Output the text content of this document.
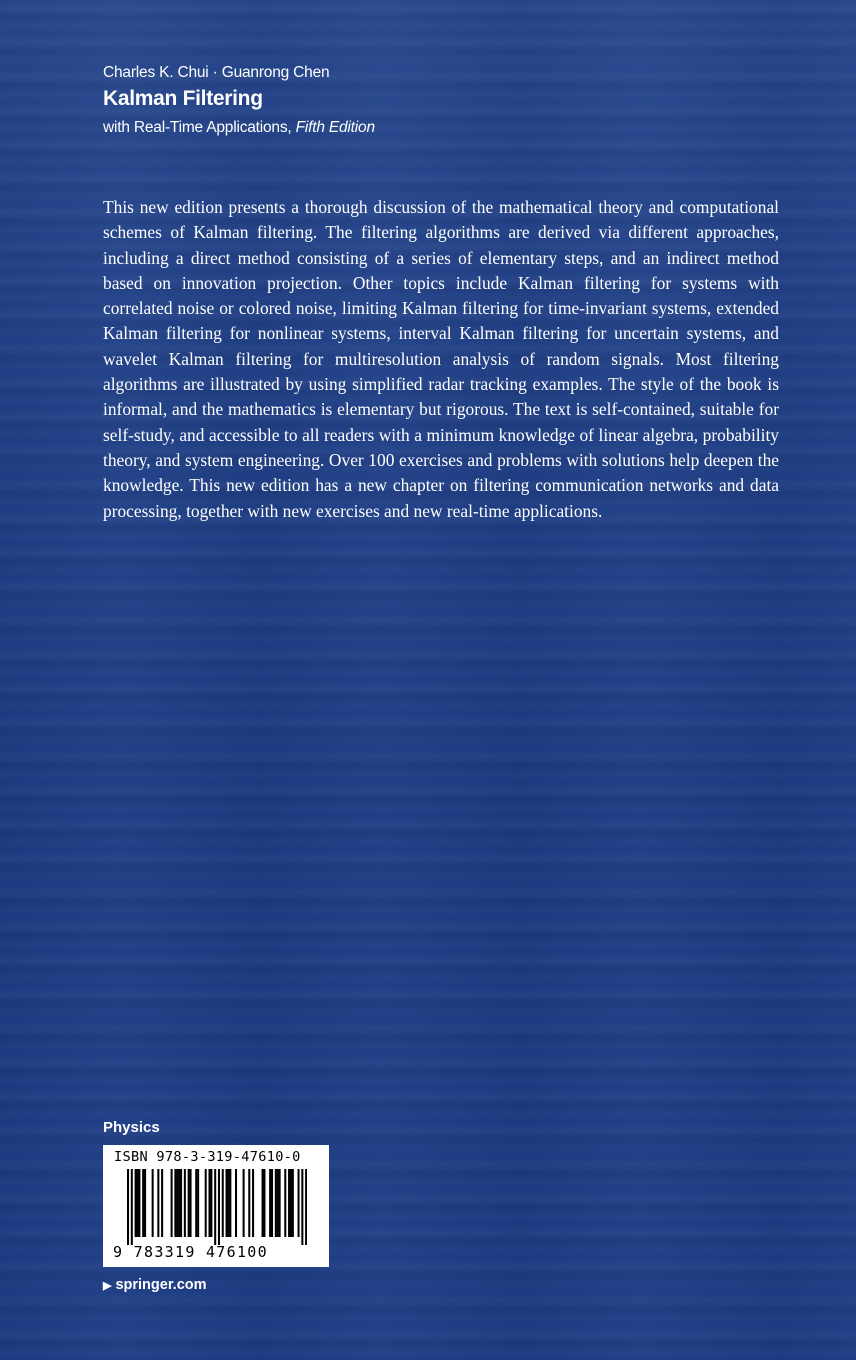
Charles K. Chui · Guanrong Chen
Kalman Filtering
with Real-Time Applications, Fifth Edition
This new edition presents a thorough discussion of the mathematical theory and computational schemes of Kalman filtering. The filtering algorithms are derived via different approaches, including a direct method consisting of a series of elementary steps, and an indirect method based on innovation projection. Other topics include Kalman filtering for systems with correlated noise or colored noise, limiting Kalman filtering for time-invariant systems, extended Kalman filtering for nonlinear systems, interval Kalman filtering for uncertain systems, and wavelet Kalman filtering for multiresolution analysis of random signals. Most filtering algorithms are illustrated by using simplified radar tracking examples. The style of the book is informal, and the mathematics is elementary but rigorous. The text is self-contained, suitable for self-study, and accessible to all readers with a minimum knowledge of linear algebra, probability theory, and system engineering. Over 100 exercises and problems with solutions help deepen the knowledge. This new edition has a new chapter on filtering communication networks and data processing, together with new exercises and new real-time applications.
Physics
ISBN 978-3-319-47610-0
9 783319 476100
▶ springer.com
